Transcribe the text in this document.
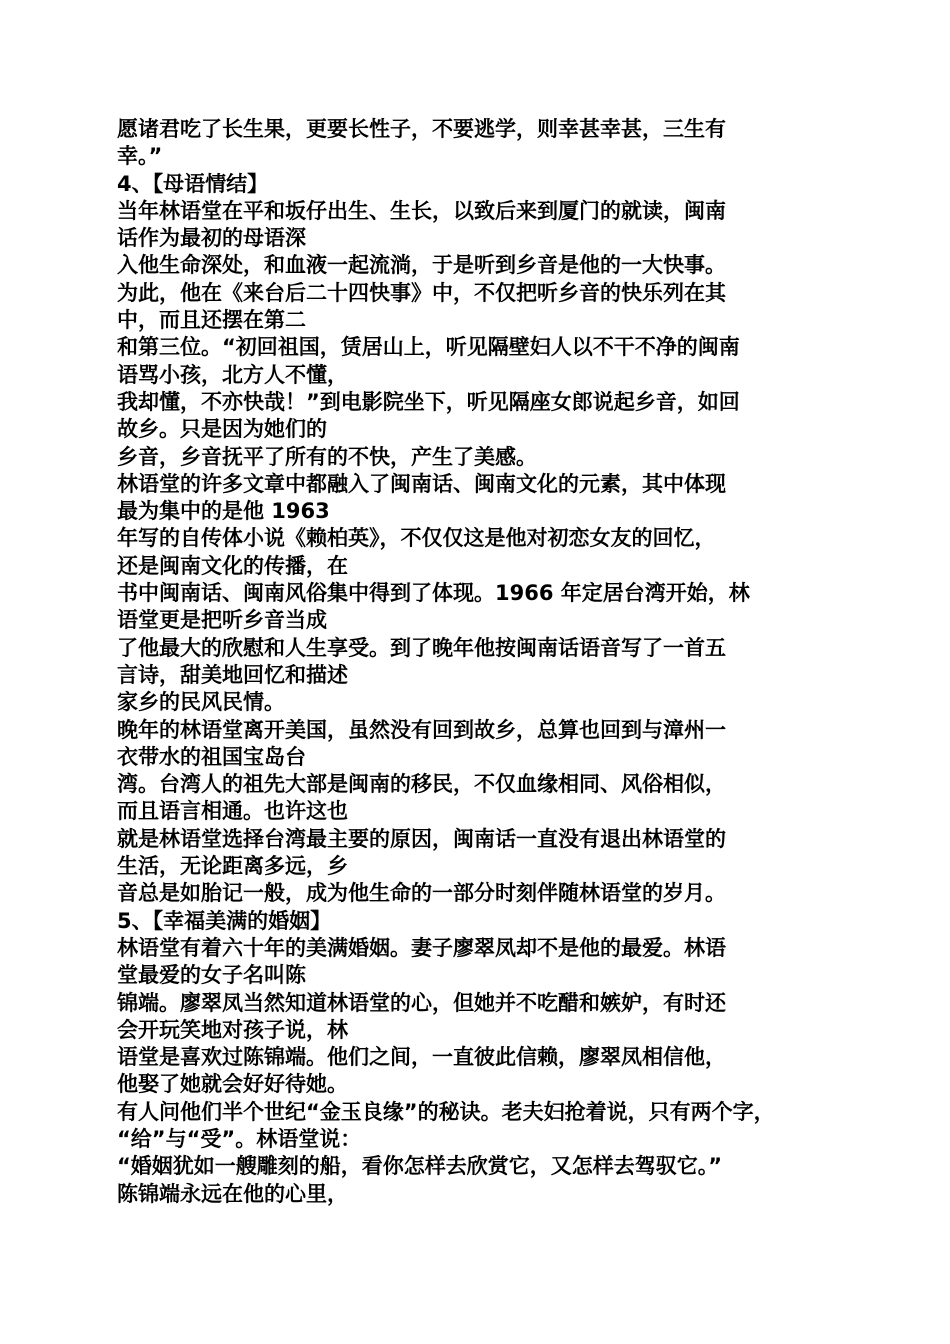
愿诸君吃了长生果，更要长性子，不要逃学，则幸甚幸甚，三生有
幸。”
4、【母语情结】
当年林语堂在平和坂仔出生、生长，以致后来到厦门的就读，闽南
话作为最初的母语深
入他生命深处，和血液一起流淌，于是听到乡音是他的一大快事。
为此，他在《来台后二十四快事》中，不仅把听乡音的快乐列在其
中，而且还摆在第二
和第三位。“初回祖国，赁居山上，听见隔壁妇人以不干不净的闽南
语骂小孩，北方人不懂，
我却懂，不亦快哉！”到电影院坐下，听见隔座女郎说起乡音，如回
故乡。只是因为她们的
乡音，乡音抚平了所有的不快，产生了美感。
林语堂的许多文章中都融入了闽南话、闽南文化的元素，其中体现
最为集中的是他 1963
年写的自传体小说《赖柏英》，不仅仅这是他对初恋女友的回忆，
还是闽南文化的传播，在
书中闽南话、闽南风俗集中得到了体现。1966 年定居台湾开始，林
语堂更是把听乡音当成
了他最大的欣慰和人生享受。到了晚年他按闽南话语音写了一首五
言诗，甜美地回忆和描述
家乡的民风民情。
晚年的林语堂离开美国，虽然没有回到故乡，总算也回到与漳州一
衣带水的祖国宝岛台
湾。台湾人的祖先大部是闽南的移民，不仅血缘相同、风俗相似，
而且语言相通。也许这也
就是林语堂选择台湾最主要的原因，闽南话一直没有退出林语堂的
生活，无论距离多远，乡
音总是如胎记一般，成为他生命的一部分时刻伴随林语堂的岁月。
5、【幸福美满的婚姻】
林语堂有着六十年的美满婚姻。妻子廖翠凤却不是他的最爱。林语
堂最爱的女子名叫陈
锦端。廖翠凤当然知道林语堂的心，但她并不吃醋和嫉妒，有时还
会开玩笑地对孩子说，林
语堂是喜欢过陈锦端。他们之间，一直彼此信赖，廖翠凤相信他，
他娶了她就会好好待她。
有人问他们半个世纪“金玉良缘”的秘诀。老夫妇抢着说，只有两个字，
“给”与“受”。林语堂说：
“婚姻犹如一艘雕刻的船，看你怎样去欣赏它，又怎样去驾驭它。”
陈锦端永远在他的心里，
